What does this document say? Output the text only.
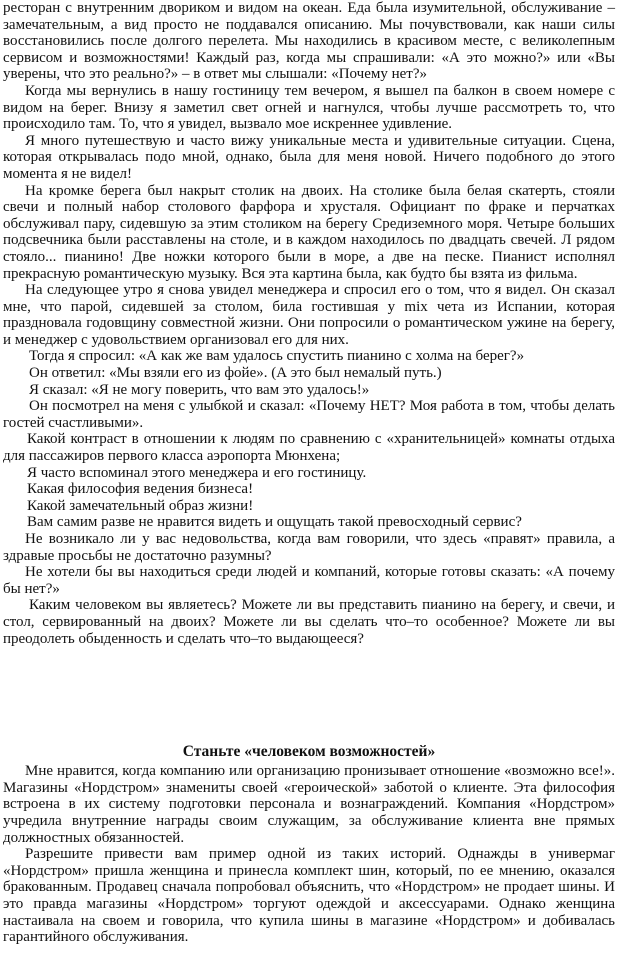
ресторан с внутренним двориком и видом на океан. Еда была изумительной, обслуживание – замечательным, а вид просто не поддавался описанию. Мы почувствовали, как наши силы восстановились после долгого перелета. Мы находились в красивом месте, с великолепным сервисом и возможностями! Каждый раз, когда мы спрашивали: «А это можно?» или «Вы уверены, что это реально?» – в ответ мы слышали: «Почему нет?»

Когда мы вернулись в нашу гостиницу тем вечером, я вышел па балкон в своем номере с видом на берег. Внизу я заметил свет огней и нагнулся, чтобы лучше рассмотреть то, что происходило там. То, что я увидел, вызвало мое искреннее удивление.

Я много путешествую и часто вижу уникальные места и удивительные ситуации. Сцена, которая открывалась подо мной, однако, была для меня новой. Ничего подобного до этого момента я не видел!

На кромке берега был накрыт столик на двоих. На столике была белая скатерть, стояли свечи и полный набор столового фарфора и хрусталя. Официант по фраке и перчатках обслуживал пару, сидевшую за этим столиком на берегу Средиземного моря. Четыре больших подсвечника были расставлены на столе, и в каждом находилось по двадцать свечей. Л рядом стояло... пианино! Две ножки которого были в море, а две на песке. Пианист исполнял прекрасную романтическую музыку. Вся эта картина была, как будто бы взята из фильма.

На следующее утро я снова увидел менеджера и спросил его о том, что я видел. Он сказал мне, что парой, сидевшей за столом, била гостившая у mix чета из Испании, которая праздновала годовщину совместной жизни. Они попросили о романтическом ужине на берегу, и менеджер с удовольствием организовал его для них.

Тогда я спросил: «А как же вам удалось спустить пианино с холма на берег?»

Он ответил: «Мы взяли его из фойе». (А это был немалый путь.)

Я сказал: «Я не могу поверить, что вам это удалось!»

Он посмотрел на меня с улыбкой и сказал: «Почему НЕТ? Моя работа в том, чтобы делать гостей счастливыми».

Какой контраст в отношении к людям по сравнению с «хранительницей» комнаты отдыха для пассажиров первого класса аэропорта Мюнхена;

Я часто вспоминал этого менеджера и его гостиницу.

Какая философия ведения бизнеса!

Какой замечательный образ жизни!

Вам самим разве не нравится видеть и ощущать такой превосходный сервис?

Не возникало ли у вас недовольства, когда вам говорили, что здесь «правят» правила, а здравые просьбы не достаточно разумны?

Не хотели бы вы находиться среди людей и компаний, которые готовы сказать: «А почему бы нет?»

Каким человеком вы являетесь? Можете ли вы представить пианино на берегу, и свечи, и стол, сервированный на двоих? Можете ли вы сделать что–то особенное? Можете ли вы преодолеть обыденность и сделать что–то выдающееся?

Станьте «человеком возможностей»

Мне нравится, когда компанию или организацию пронизывает отношение «возможно все!». Магазины «Нордстром» знамениты своей «героической» заботой о клиенте. Эта философия встроена в их систему подготовки персонала и вознаграждений. Компания «Нордстром» учредила внутренние награды своим служащим, за обслуживание клиента вне прямых должностных обязанностей.

Разрешите привести вам пример одной из таких историй. Однажды в универмаг «Нордстром» пришла женщина и принесла комплект шин, который, по ее мнению, оказался бракованным. Продавец сначала попробовал объяснить, что «Нордстром» не продает шины. И это правда магазины «Нордстром» торгуют одеждой и аксессуарами. Однако женщина настаивала на своем и говорила, что купила шины в магазине «Нордстром» и добивалась гарантийного обслуживания.
